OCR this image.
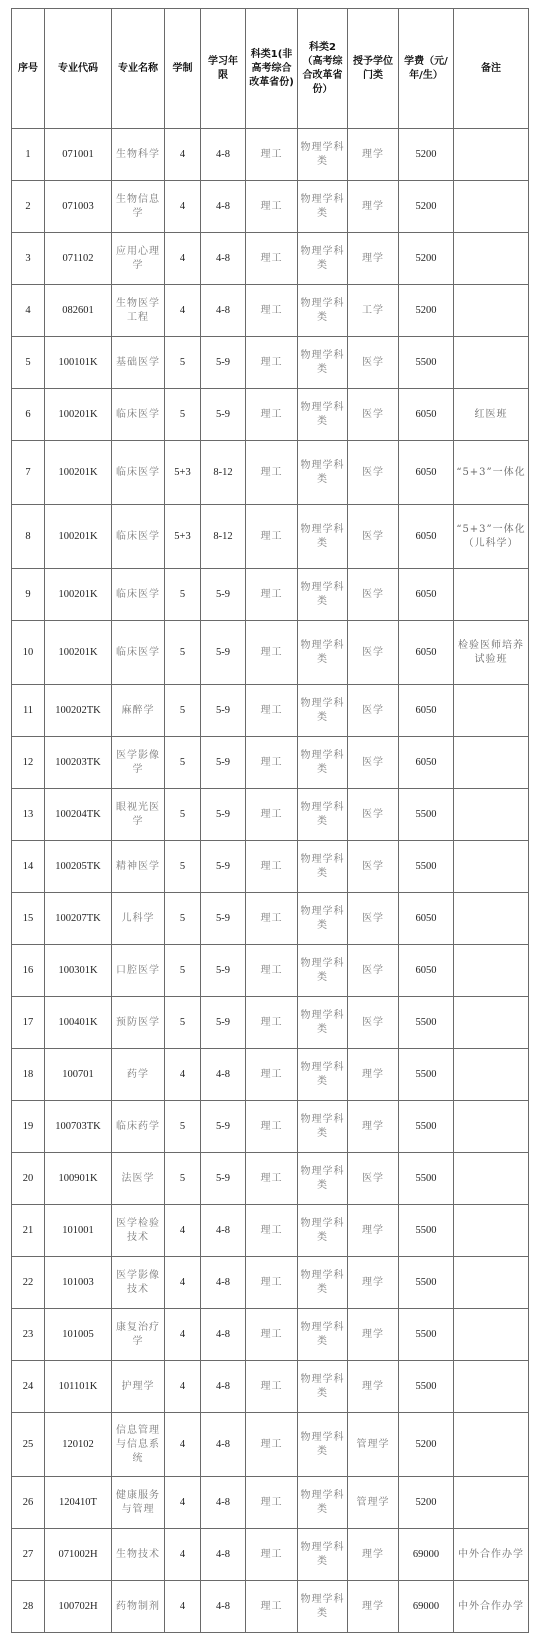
序号	专业代码	专业名称	学制	学习年限	科类1(非高考综合改革省份)	科类2（高考综合改革省份）	授予学位门类	学费（元/年/生）	备注
1	071001	生物科学	4	4-8	理工	物理学科类	理学	5200	
2	071003	生物信息学	4	4-8	理工	物理学科类	理学	5200	
3	071102	应用心理学	4	4-8	理工	物理学科类	理学	5200	
4	082601	生物医学工程	4	4-8	理工	物理学科类	工学	5200	
5	100101K	基础医学	5	5-9	理工	物理学科类	医学	5500	
6	100201K	临床医学	5	5-9	理工	物理学科类	医学	6050	红医班
7	100201K	临床医学	5+3	8-12	理工	物理学科类	医学	6050	“5+3”一体化
8	100201K	临床医学	5+3	8-12	理工	物理学科类	医学	6050	“5+3”一体化（儿科学）
9	100201K	临床医学	5	5-9	理工	物理学科类	医学	6050	
10	100201K	临床医学	5	5-9	理工	物理学科类	医学	6050	检验医师培养试验班
11	100202TK	麻醉学	5	5-9	理工	物理学科类	医学	6050	
12	100203TK	医学影像学	5	5-9	理工	物理学科类	医学	6050	
13	100204TK	眼视光医学	5	5-9	理工	物理学科类	医学	5500	
14	100205TK	精神医学	5	5-9	理工	物理学科类	医学	5500	
15	100207TK	儿科学	5	5-9	理工	物理学科类	医学	6050	
16	100301K	口腔医学	5	5-9	理工	物理学科类	医学	6050	
17	100401K	预防医学	5	5-9	理工	物理学科类	医学	5500	
18	100701	药学	4	4-8	理工	物理学科类	理学	5500	
19	100703TK	临床药学	5	5-9	理工	物理学科类	理学	5500	
20	100901K	法医学	5	5-9	理工	物理学科类	医学	5500	
21	101001	医学检验技术	4	4-8	理工	物理学科类	理学	5500	
22	101003	医学影像技术	4	4-8	理工	物理学科类	理学	5500	
23	101005	康复治疗学	4	4-8	理工	物理学科类	理学	5500	
24	101101K	护理学	4	4-8	理工	物理学科类	理学	5500	
25	120102	信息管理与信息系统	4	4-8	理工	物理学科类	管理学	5200	
26	120410T	健康服务与管理	4	4-8	理工	物理学科类	管理学	5200	
27	071002H	生物技术	4	4-8	理工	物理学科类	理学	69000	中外合作办学
28	100702H	药物制剂	4	4-8	理工	物理学科类	理学	69000	中外合作办学
